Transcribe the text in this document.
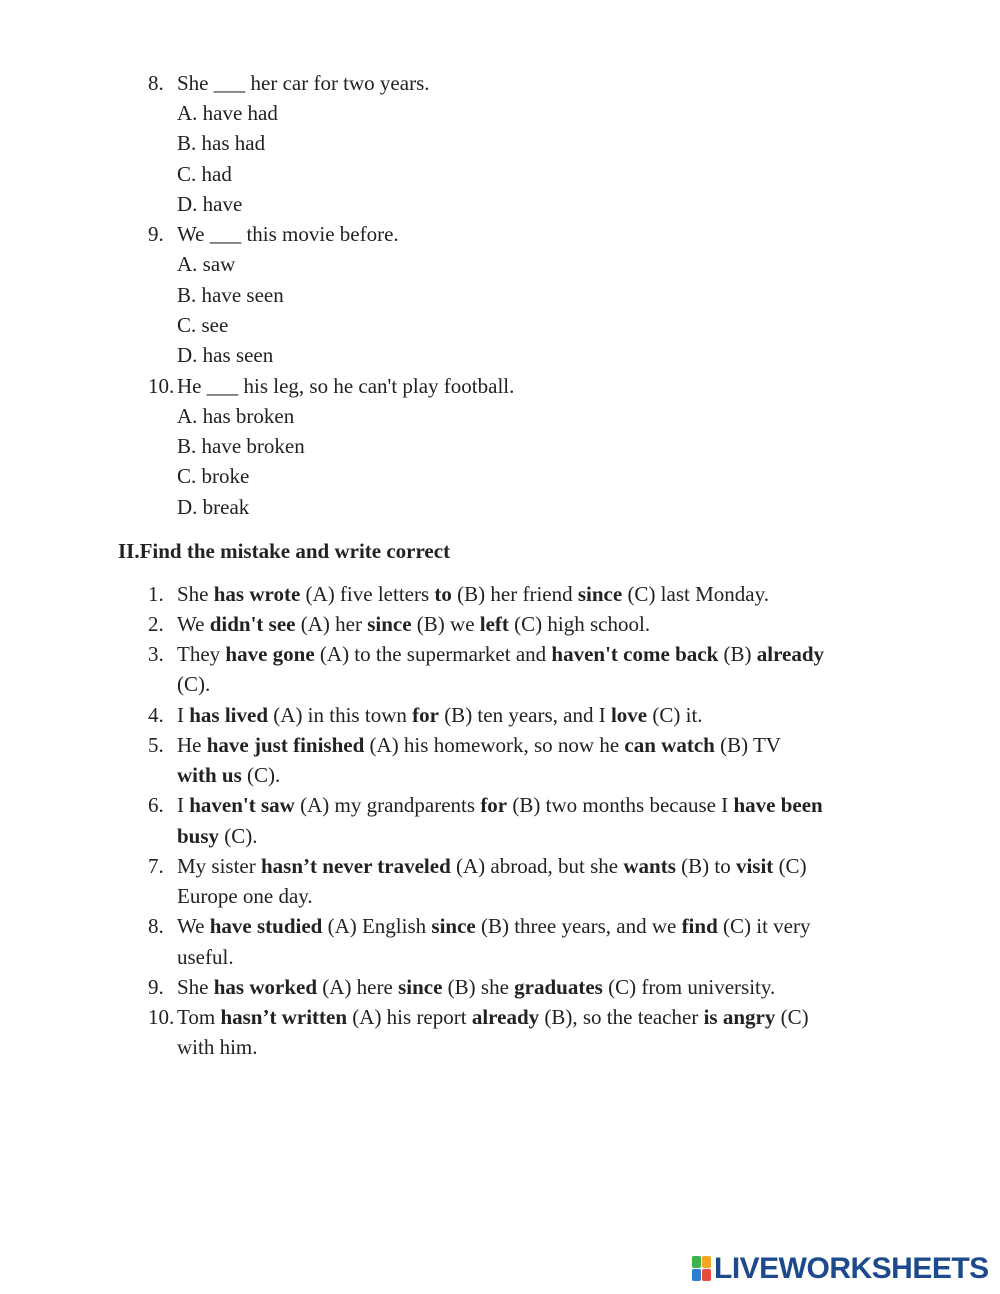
8. She ___ her car for two years.
A. have had
B. has had
C. had
D. have
9. We ___ this movie before.
A. saw
B. have seen
C. see
D. has seen
10. He ___ his leg, so he can't play football.
A. has broken
B. have broken
C. broke
D. break
II.Find the mistake and write correct
1. She has wrote (A) five letters to (B) her friend since (C) last Monday.
2. We didn't see (A) her since (B) we left (C) high school.
3. They have gone (A) to the supermarket and haven't come back (B) already
(C).
4. I has lived (A) in this town for (B) ten years, and I love (C) it.
5. He have just finished (A) his homework, so now he can watch (B) TV
with us (C).
6. I haven't saw (A) my grandparents for (B) two months because I have been
busy (C).
7. My sister hasn’t never traveled (A) abroad, but she wants (B) to visit (C)
Europe one day.
8. We have studied (A) English since (B) three years, and we find (C) it very
useful.
9. She has worked (A) here since (B) she graduates (C) from university.
10. Tom hasn’t written (A) his report already (B), so the teacher is angry (C)
with him.
LIVEWORKSHEETS
